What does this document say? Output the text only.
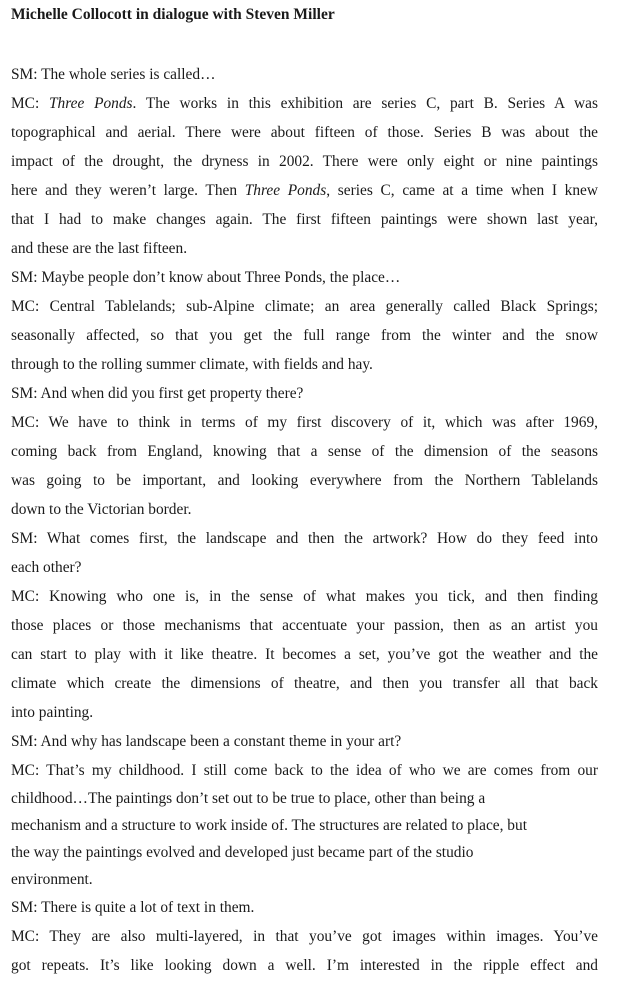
Michelle Collocott in dialogue with Steven Miller
SM: The whole series is called…
MC: Three Ponds. The works in this exhibition are series C, part B. Series A was
topographical and aerial. There were about fifteen of those. Series B was about the
impact of the drought, the dryness in 2002. There were only eight or nine paintings
here and they weren’t large. Then Three Ponds, series C, came at a time when I knew
that I had to make changes again. The first fifteen paintings were shown last year,
and these are the last fifteen.
SM: Maybe people don’t know about Three Ponds, the place…
MC: Central Tablelands; sub-Alpine climate; an area generally called Black Springs;
seasonally affected, so that you get the full range from the winter and the snow
through to the rolling summer climate, with fields and hay.
SM: And when did you first get property there?
MC: We have to think in terms of my first discovery of it, which was after 1969,
coming back from England, knowing that a sense of the dimension of the seasons
was going to be important, and looking everywhere from the Northern Tablelands
down to the Victorian border.
SM: What comes first, the landscape and then the artwork? How do they feed into
each other?
MC: Knowing who one is, in the sense of what makes you tick, and then finding
those places or those mechanisms that accentuate your passion, then as an artist you
can start to play with it like theatre. It becomes a set, you’ve got the weather and the
climate which create the dimensions of theatre, and then you transfer all that back
into painting.
SM: And why has landscape been a constant theme in your art?
MC: That’s my childhood. I still come back to the idea of who we are comes from our
childhood…The paintings don’t set out to be true to place, other than being a
mechanism and a structure to work inside of. The structures are related to place, but
the way the paintings evolved and developed just became part of the studio
environment.
SM: There is quite a lot of text in them.
MC: They are also multi-layered, in that you’ve got images within images. You’ve
got repeats. It’s like looking down a well. I’m interested in the ripple effect and
